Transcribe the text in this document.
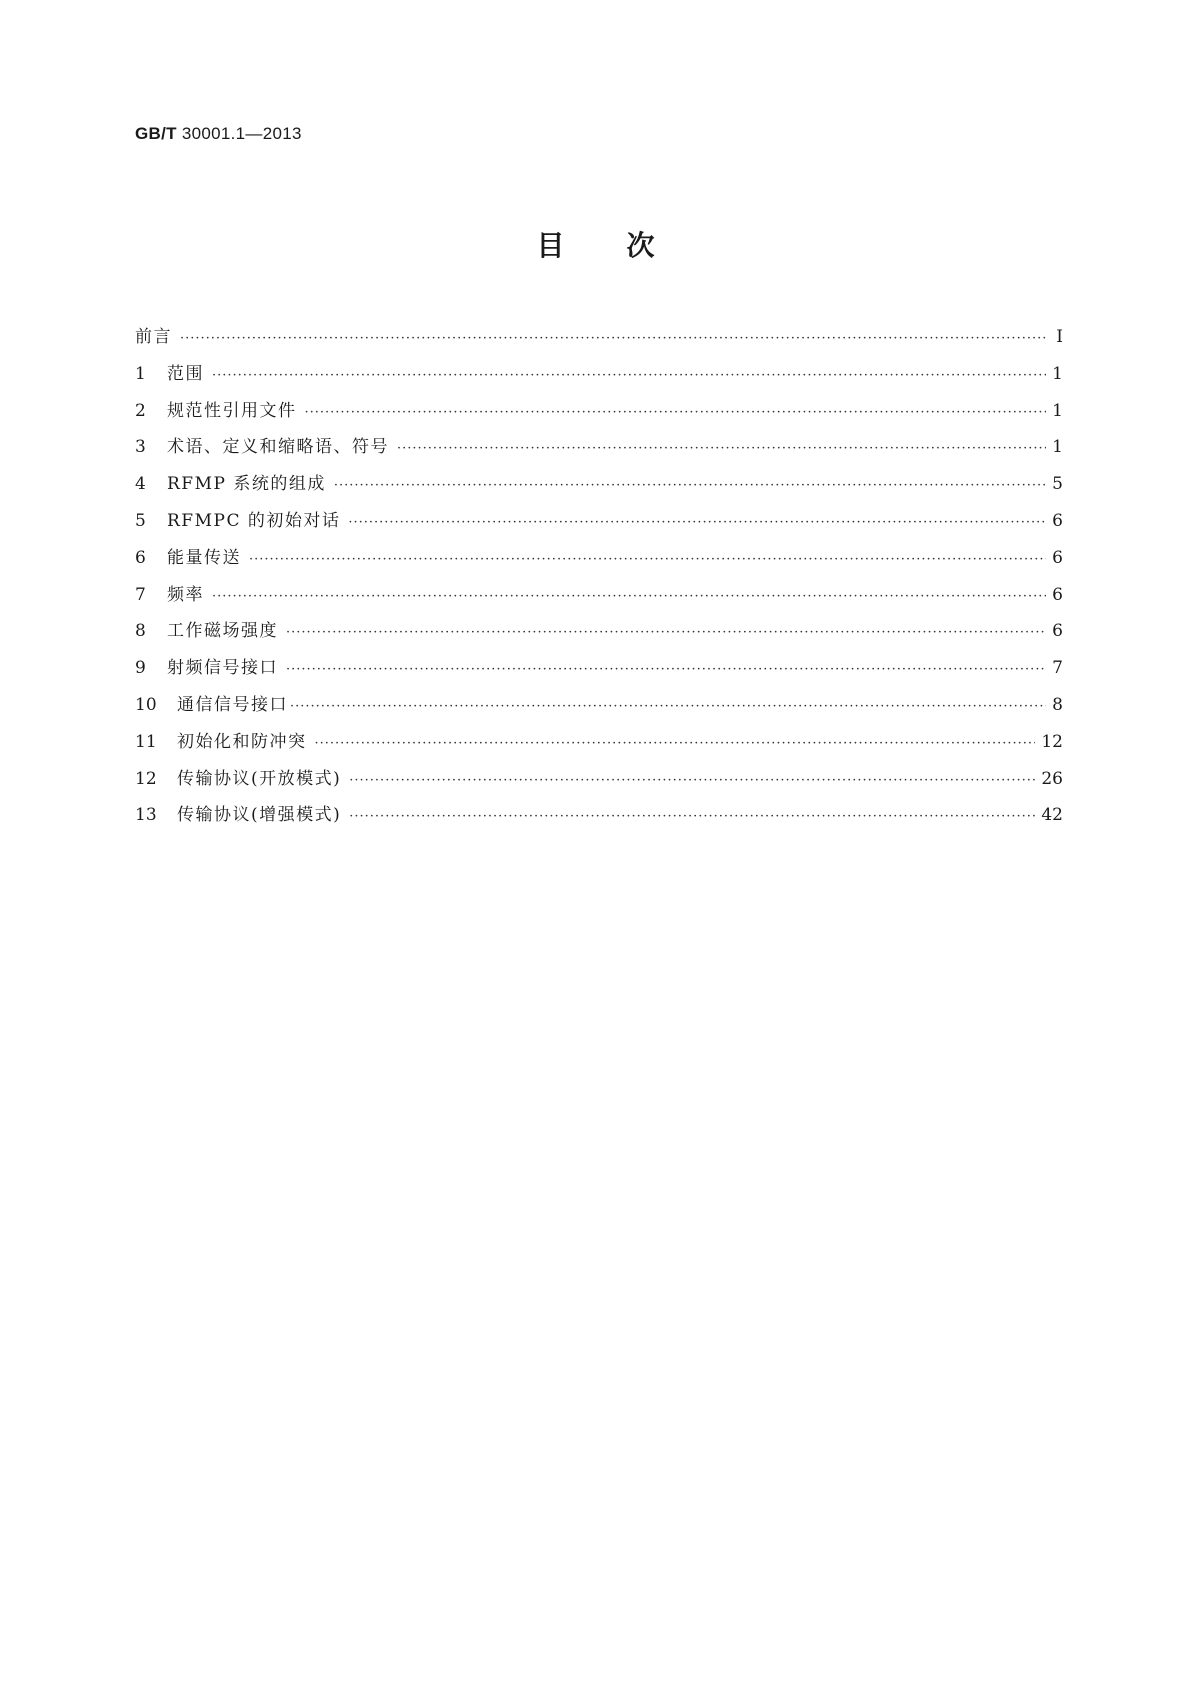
GB/T 30001.1—2013
目次
前言 ·····	Ⅰ
1	范围 ·····	1
2	规范性引用文件 ·····	1
3	术语、定义和缩略语、符号 ·····	1
4	RFMP 系统的组成 ·····	5
5	RFMPC 的初始对话 ·····	6
6	能量传送 ·····	6
7	频率 ·····	6
8	工作磁场强度 ·····	6
9	射频信号接口 ·····	7
10	通信信号接口 ·····	8
11	初始化和防冲突 ·····	12
12	传输协议(开放模式) ·····	26
13	传输协议(增强模式) ·····	42
